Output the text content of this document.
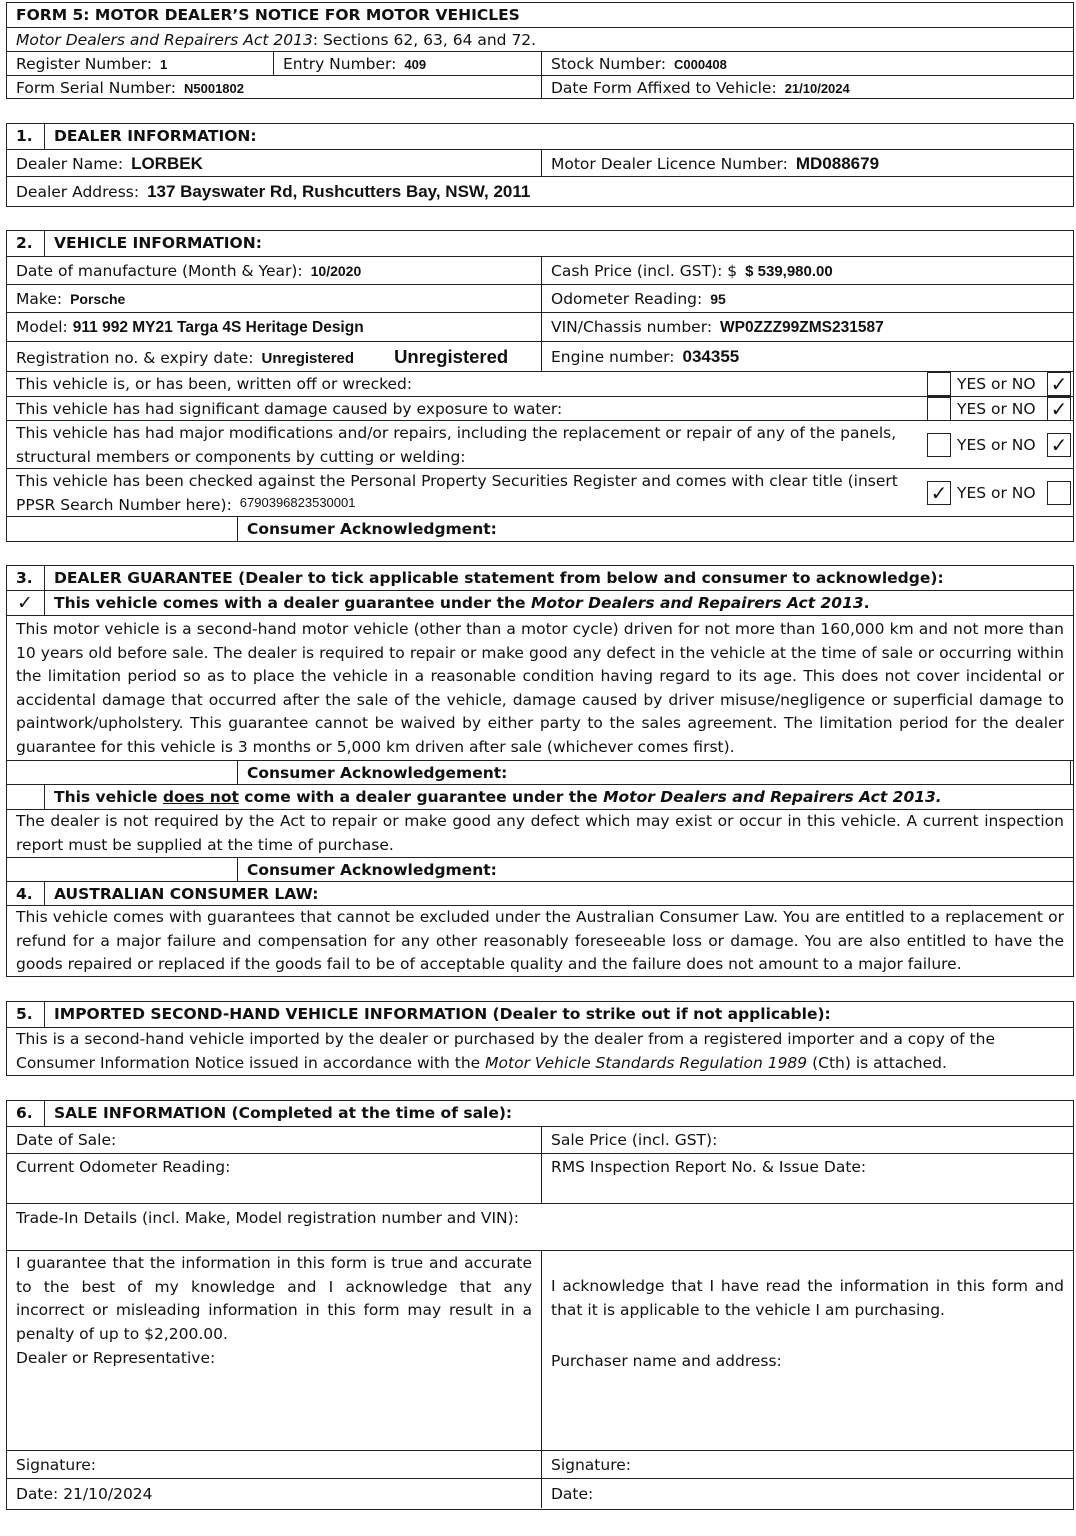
FORM 5: MOTOR DEALER’S NOTICE FOR MOTOR VEHICLES
Motor Dealers and Repairers Act 2013: Sections 62, 63, 64 and 72.
Register Number: 1	Entry Number: 409	Stock Number: C000408
Form Serial Number: N5001802	Date Form Affixed to Vehicle: 21/10/2024
1.	DEALER INFORMATION:
Dealer Name: LORBEK	Motor Dealer Licence Number: MD088679
Dealer Address: 137 Bayswater Rd, Rushcutters Bay, NSW, 2011
2.	VEHICLE INFORMATION:
Date of manufacture (Month & Year): 10/2020	Cash Price (incl. GST): $ $ 539,980.00
Make: Porsche	Odometer Reading: 95
Model: 911 992 MY21 Targa 4S Heritage Design	VIN/Chassis number: WP0ZZZ99ZMS231587
Registration no. & expiry date: Unregistered Unregistered	Engine number: 034355
This vehicle is, or has been, written off or wrecked:	YES or NO ✓
This vehicle has had significant damage caused by exposure to water:	YES or NO ✓
This vehicle has had major modifications and/or repairs, including the replacement or repair of any of the panels,
structural members or components by cutting or welding:
YES or NO ✓
This vehicle has been checked against the Personal Property Securities Register and comes with clear title (insert
PPSR Search Number here): 6790396823530001	✓ YES or NO
Consumer Acknowledgment:
3.	DEALER GUARANTEE (Dealer to tick applicable statement from below and consumer to acknowledge):
✓	This vehicle comes with a dealer guarantee under the Motor Dealers and Repairers Act 2013.
This motor vehicle is a second-hand motor vehicle (other than a motor cycle) driven for not more than 160,000 km and not more than 10 years old before sale. The dealer is required to repair or make good any defect in the vehicle at the time of sale or occurring within the limitation period so as to place the vehicle in a reasonable condition having regard to its age. This does not cover incidental or accidental damage that occurred after the sale of the vehicle, damage caused by driver misuse/negligence or superficial damage to paintwork/upholstery. This guarantee cannot be waived by either party to the sales agreement. The limitation period for the dealer guarantee for this vehicle is 3 months or 5,000 km driven after sale (whichever comes first).
Consumer Acknowledgement:
This vehicle does not come with a dealer guarantee under the Motor Dealers and Repairers Act 2013.
The dealer is not required by the Act to repair or make good any defect which may exist or occur in this vehicle. A current inspection report must be supplied at the time of purchase.
Consumer Acknowledgment:
4.	AUSTRALIAN CONSUMER LAW:
This vehicle comes with guarantees that cannot be excluded under the Australian Consumer Law. You are entitled to a replacement or refund for a major failure and compensation for any other reasonably foreseeable loss or damage. You are also entitled to have the goods repaired or replaced if the goods fail to be of acceptable quality and the failure does not amount to a major failure.
5.	IMPORTED SECOND-HAND VEHICLE INFORMATION (Dealer to strike out if not applicable):
This is a second-hand vehicle imported by the dealer or purchased by the dealer from a registered importer and a copy of the Consumer Information Notice issued in accordance with the Motor Vehicle Standards Regulation 1989 (Cth) is attached.
6.	SALE INFORMATION (Completed at the time of sale):
Date of Sale:	Sale Price (incl. GST):
Current Odometer Reading:	RMS Inspection Report No. & Issue Date:
Trade-In Details (incl. Make, Model registration number and VIN):
I guarantee that the information in this form is true and accurate to the best of my knowledge and I acknowledge that any incorrect or misleading information in this form may result in a penalty of up to $2,200.00.
Dealer or Representative:
I acknowledge that I have read the information in this form and that it is applicable to the vehicle I am purchasing.
Purchaser name and address:
Signature:	Signature:
Date: 21/10/2024	Date:
